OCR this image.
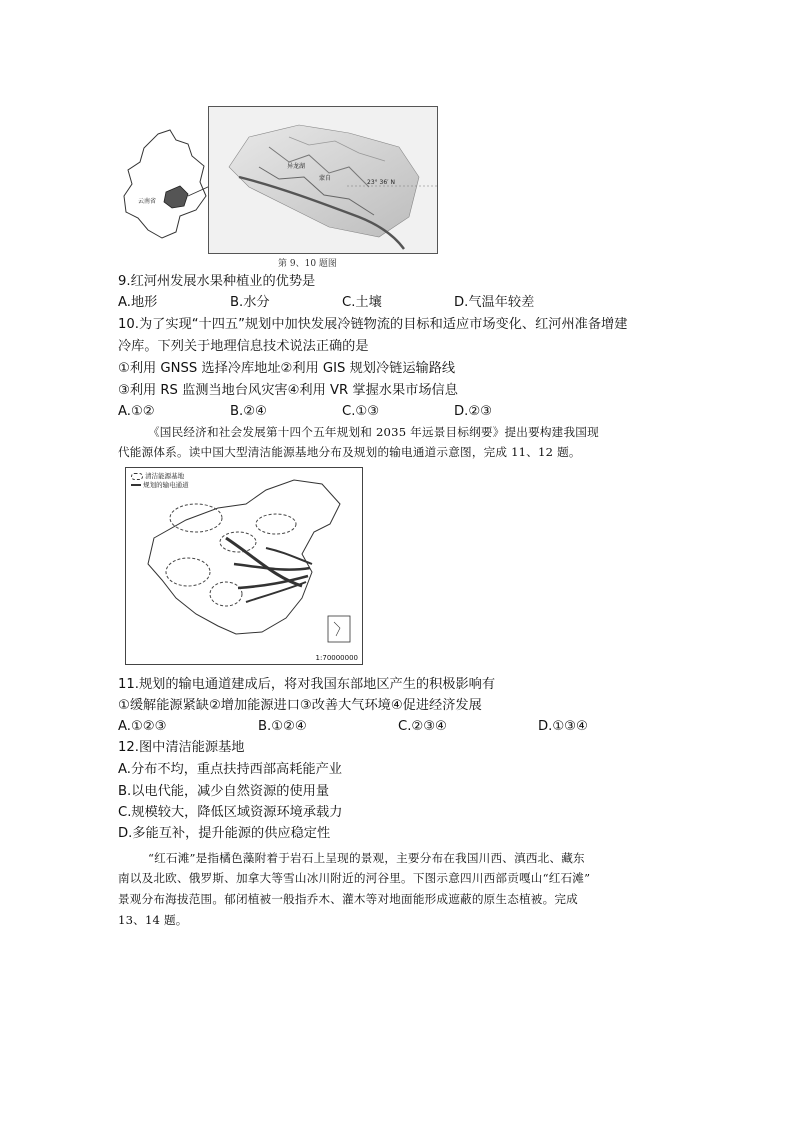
云南省
异龙湖
蒙自
23° 36′ N
第 9、10 题图
9.红河州发展水果种植业的优势是
A.地形	B.水分	C.土壤	D.气温年较差
10.为了实现“十四五”规划中加快发展冷链物流的目标和适应市场变化、红河州准备增建
冷库。下列关于地理信息技术说法正确的是
①利用 GNSS 选择冷库地址②利用 GIS 规划冷链运输路线
③利用 RS 监测当地台风灾害④利用 VR 掌握水果市场信息
A.①②	B.②④	C.①③	D.②③
《国民经济和社会发展第十四个五年规划和 2035 年远景目标纲要》提出要构建我国现
代能源体系。读中国大型清洁能源基地分布及规划的输电通道示意图，完成 11、12 题。
清洁能源基地
规划的输电通道
1:70000000
11.规划的输电通道建成后，将对我国东部地区产生的积极影响有
①缓解能源紧缺②增加能源进口③改善大气环境④促进经济发展
A.①②③	B.①②④	C.②③④	D.①③④
12.图中清洁能源基地
A.分布不均，重点扶持西部高耗能产业
B.以电代能，减少自然资源的使用量
C.规模较大，降低区域资源环境承载力
D.多能互补，提升能源的供应稳定性
“红石滩”是指橘色藻附着于岩石上呈现的景观，主要分布在我国川西、滇西北、藏东
南以及北欧、俄罗斯、加拿大等雪山冰川附近的河谷里。下图示意四川西部贡嘎山“红石滩”
景观分布海拔范围。郁闭植被一般指乔木、灌木等对地面能形成遮蔽的原生态植被。完成
13、14 题。
